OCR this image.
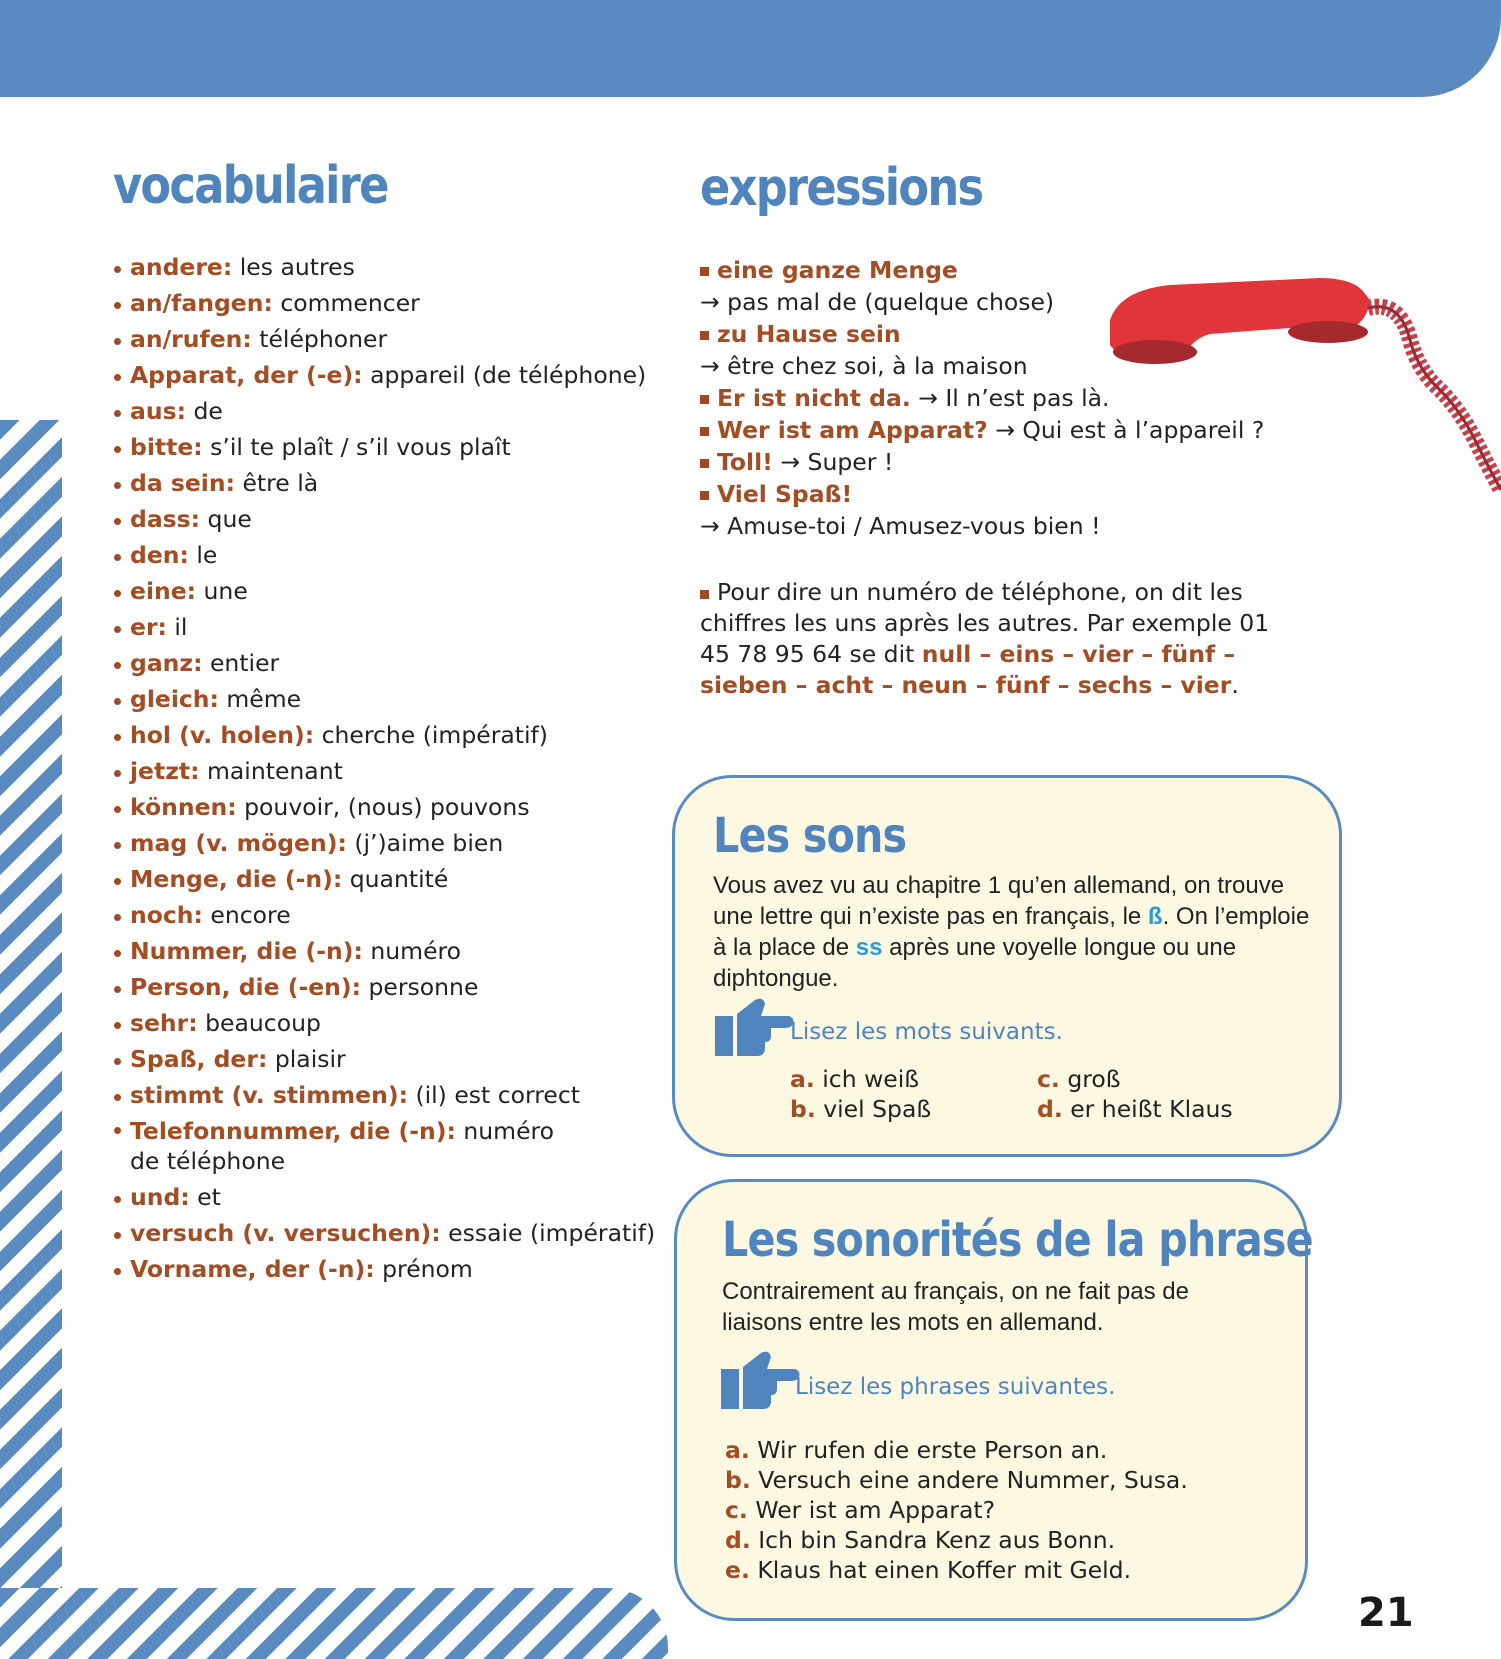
vocabulaire
andere: les autres
an/fangen: commencer
an/rufen: téléphoner
Apparat, der (-e): appareil (de téléphone)
aus: de
bitte: s’il te plaît / s’il vous plaît
da sein: être là
dass: que
den: le
eine: une
er: il
ganz: entier
gleich: même
hol (v. holen): cherche (impératif)
jetzt: maintenant
können: pouvoir, (nous) pouvons
mag (v. mögen): (j’)aime bien
Menge, die (-n): quantité
noch: encore
Nummer, die (-n): numéro
Person, die (-en): personne
sehr: beaucoup
Spaß, der: plaisir
stimmt (v. stimmen): (il) est correct
Telefonnummer, die (-n): numéro de téléphone
und: et
versuch (v. versuchen): essaie (impératif)
Vorname, der (-n): prénom
expressions
eine ganze Menge
→ pas mal de (quelque chose)
zu Hause sein
→ être chez soi, à la maison
Er ist nicht da. → Il n’est pas là.
Wer ist am Apparat? → Qui est à l’appareil ?
Toll! → Super !
Viel Spaß!
→ Amuse-toi / Amusez-vous bien !
Pour dire un numéro de téléphone, on dit les chiffres les uns après les autres. Par exemple 01 45 78 95 64 se dit null – eins – vier – fünf – sieben – acht – neun – fünf – sechs – vier.
Les sons
Vous avez vu au chapitre 1 qu’en allemand, on trouve une lettre qui n’existe pas en français, le ß. On l’emploie à la place de ss après une voyelle longue ou une diphtongue.
Lisez les mots suivants.
a. ich weiß
b. viel Spaß
c. groß
d. er heißt Klaus
Les sonorités de la phrase
Contrairement au français, on ne fait pas de liaisons entre les mots en allemand.
Lisez les phrases suivantes.
a. Wir rufen die erste Person an.
b. Versuch eine andere Nummer, Susa.
c. Wer ist am Apparat?
d. Ich bin Sandra Kenz aus Bonn.
e. Klaus hat einen Koffer mit Geld.
21
